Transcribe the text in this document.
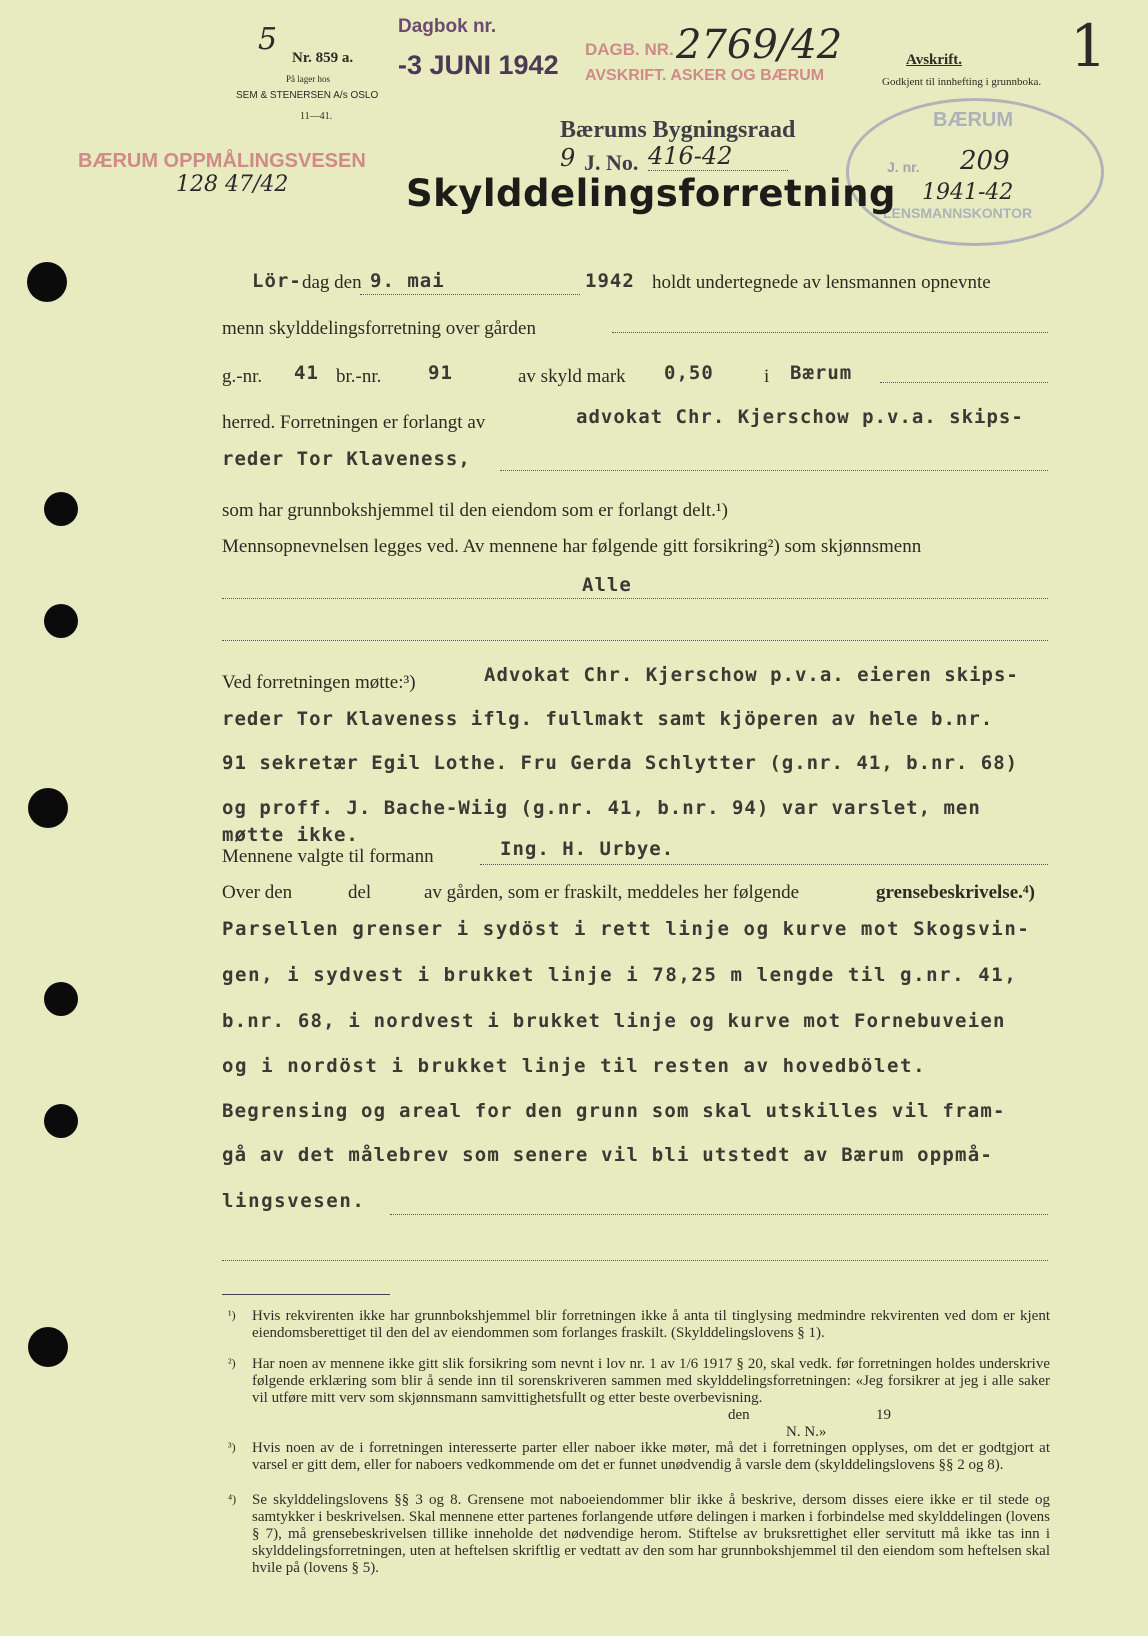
5
Nr. 859 a.
På lager hos
SEM & STENERSEN A/s OSLO
11—41.
Dagbok nr.
-3 JUNI 1942
DAGB. NR. 2769/42
AVSKRIFT. ASKER OG BÆRUM
Avskrift.
Godkjent til innhefting i grunnboka.
1
BÆRUM OPPMÅLINGSVESEN
128 47/42
Bærums Bygningsraad
9 J. No. 416-42
BÆRUM
J. nr.
LENSMANNSKONTOR
209
1941-42
Skylddelingsforretning
Lör- dag den 9. mai	1942 holdt undertegnede av lensmannen opnevnte
menn skylddelingsforretning over gården
g.-nr. 41 br.-nr. 91	av skyld mark 0,50	i Bærum
herred. Forretningen er forlangt av	advokat Chr. Kjerschow p.v.a. skips-
reder Tor Klaveness,
som har grunnbokshjemmel til den eiendom som er forlangt delt.¹)
Mennsopnevnelsen legges ved. Av mennene har følgende gitt forsikring²) som skjønnsmenn
Alle
Ved forretningen møtte:³)	Advokat Chr. Kjerschow p.v.a. eieren skips-
reder Tor Klaveness iflg. fullmakt samt kjöperen av hele b.nr.
91 sekretær Egil Lothe. Fru Gerda Schlytter (g.nr. 41, b.nr. 68)
og proff. J. Bache-Wiig (g.nr. 41, b.nr. 94) var varslet, men
møtte ikke.
Mennene valgte til formann	Ing. H. Urbye.
Over den	del	av gården, som er fraskilt, meddeles her følgende	grensebeskrivelse.⁴)
Parsellen grenser i sydöst i rett linje og kurve mot Skogsvin-
gen, i sydvest i brukket linje i 78,25 m lengde til g.nr. 41,
b.nr. 68, i nordvest i brukket linje og kurve mot Fornebuveien
og i nordöst i brukket linje til resten av hovedbölet.
Begrensing og areal for den grunn som skal utskilles vil fram-
gå av det målebrev som senere vil bli utstedt av Bærum oppmå-
lingsvesen.
¹) Hvis rekvirenten ikke har grunnbokshjemmel blir forretningen ikke å anta til tinglysing medmindre rekvirenten ved dom er kjent eiendomsberettiget til den del av eiendommen som forlanges fraskilt. (Skylddelingslovens § 1).
²) Har noen av mennene ikke gitt slik forsikring som nevnt i lov nr. 1 av 1/6 1917 § 20, skal vedk. før forretningen holdes underskrive følgende erklæring som blir å sende inn til sorenskriveren sammen med skylddelingsforretningen: «Jeg forsikrer at jeg i alle saker vil utføre mitt verv som skjønnsmann samvittighetsfullt og etter beste overbevisning.
den	19
N. N.»
³) Hvis noen av de i forretningen interesserte parter eller naboer ikke møter, må det i forretningen opplyses, om det er godtgjort at varsel er gitt dem, eller for naboers vedkommende om det er funnet unødvendig å varsle dem (skylddelingslovens §§ 2 og 8).
⁴) Se skylddelingslovens §§ 3 og 8. Grensene mot naboeiendommer blir ikke å beskrive, dersom disses eiere ikke er til stede og samtykker i beskrivelsen. Skal mennene etter partenes forlangende utføre delingen i marken i forbindelse med skylddelingen (lovens § 7), må grensebeskrivelsen tillike inneholde det nødvendige herom. Stiftelse av bruksrettighet eller servitutt må ikke tas inn i skylddelingsforretningen, uten at heftelsen skriftlig er vedtatt av den som har grunnbokshjemmel til den eiendom som heftelsen skal hvile på (lovens § 5).
